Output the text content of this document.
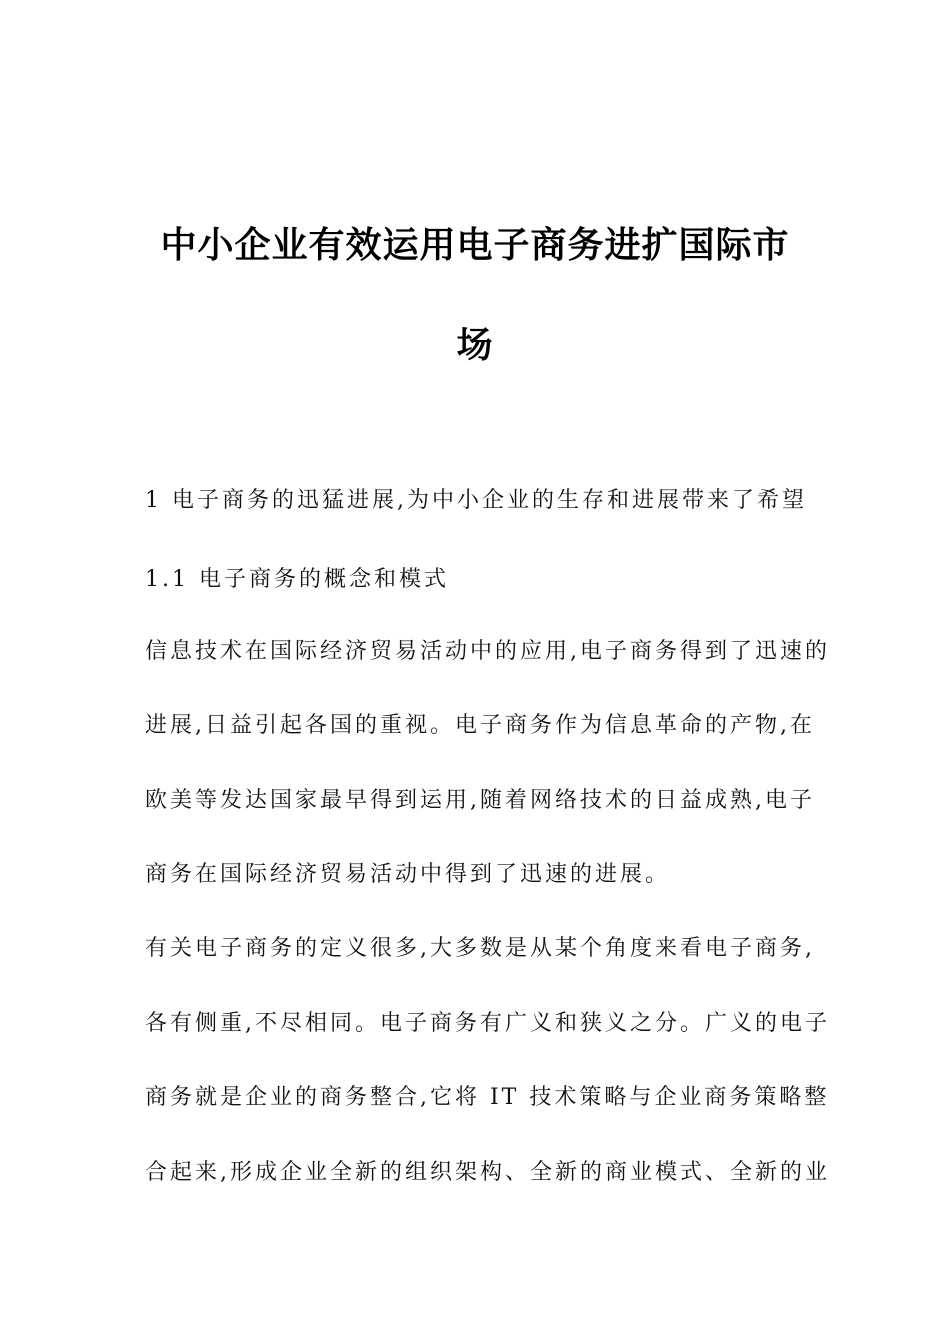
中小企业有效运用电子商务进扩国际市
场
1 电子商务的迅猛进展,为中小企业的生存和进展带来了希望
1.1 电子商务的概念和模式
信息技术在国际经济贸易活动中的应用,电子商务得到了迅速的
进展,日益引起各国的重视。电子商务作为信息革命的产物,在
欧美等发达国家最早得到运用,随着网络技术的日益成熟,电子
商务在国际经济贸易活动中得到了迅速的进展。
有关电子商务的定义很多,大多数是从某个角度来看电子商务,
各有侧重,不尽相同。电子商务有广义和狭义之分。广义的电子
商务就是企业的商务整合,它将 IT 技术策略与企业商务策略整
合起来,形成企业全新的组织架构、全新的商业模式、全新的业
